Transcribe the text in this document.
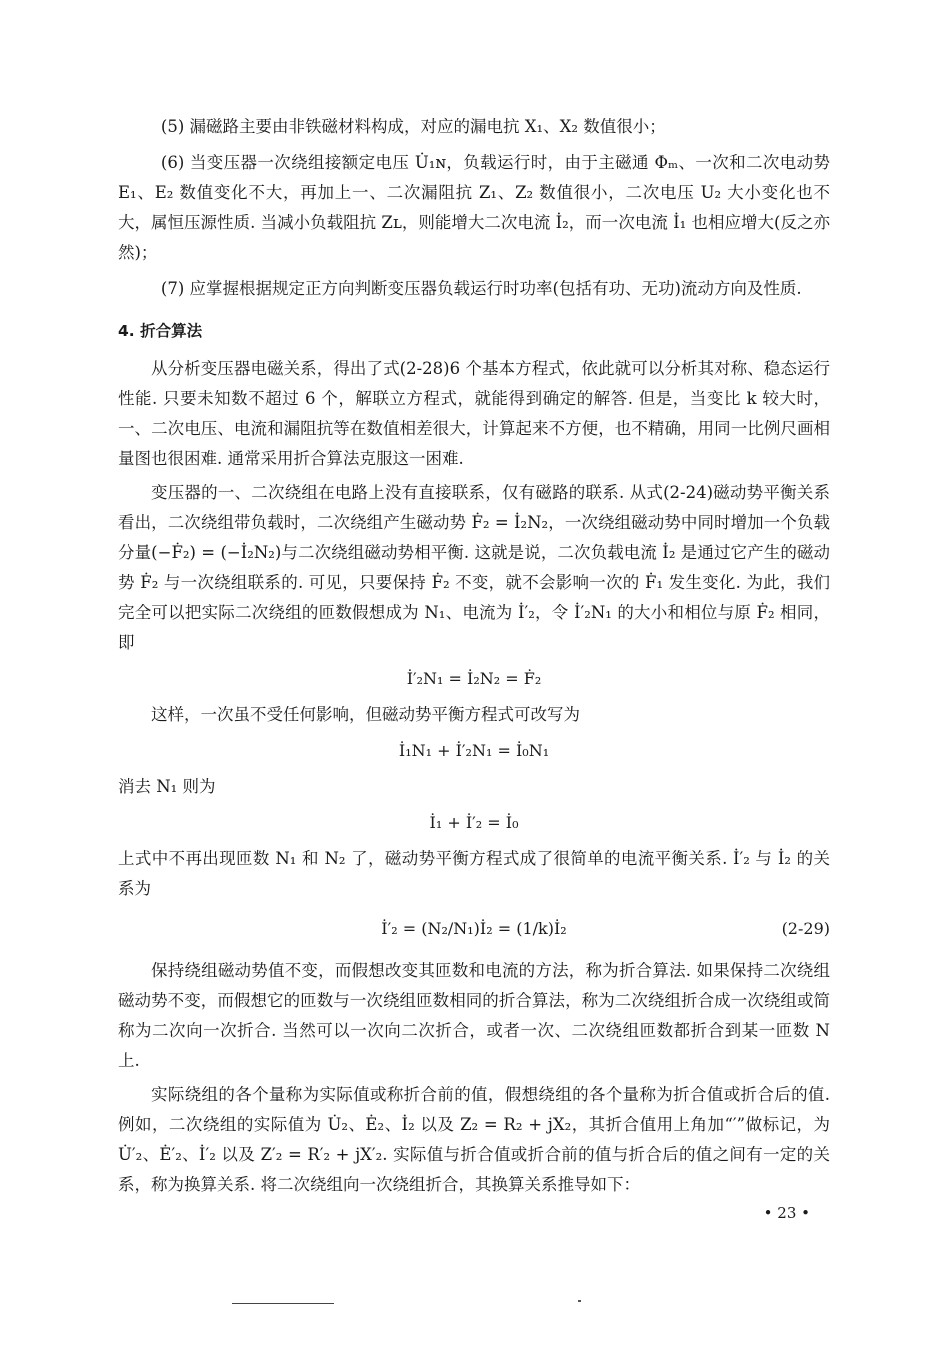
(5) 漏磁路主要由非铁磁材料构成，对应的漏电抗 X₁、X₂ 数值很小；

(6) 当变压器一次绕组接额定电压 U̇₁ɴ，负载运行时，由于主磁通 Φₘ、一次和二次电动势 E₁、E₂ 数值变化不大，再加上一、二次漏阻抗 Z₁、Z₂ 数值很小，二次电压 U₂ 大小变化也不大，属恒压源性质. 当减小负载阻抗 Zʟ，则能增大二次电流 İ₂，而一次电流 İ₁ 也相应增大(反之亦然)；

(7) 应掌握根据规定正方向判断变压器负载运行时功率(包括有功、无功)流动方向及性质.

4. 折合算法

从分析变压器电磁关系，得出了式(2-28)6 个基本方程式，依此就可以分析其对称、稳态运行性能. 只要未知数不超过 6 个，解联立方程式，就能得到确定的解答. 但是，当变比 k 较大时，一、二次电压、电流和漏阻抗等在数值相差很大，计算起来不方便，也不精确，用同一比例尺画相量图也很困难. 通常采用折合算法克服这一困难.

变压器的一、二次绕组在电路上没有直接联系，仅有磁路的联系. 从式(2-24)磁动势平衡关系看出，二次绕组带负载时，二次绕组产生磁动势 Ḟ₂ = İ₂N₂，一次绕组磁动势中同时增加一个负载分量(−Ḟ₂) = (−İ₂N₂)与二次绕组磁动势相平衡. 这就是说，二次负载电流 İ₂ 是通过它产生的磁动势 Ḟ₂ 与一次绕组联系的. 可见，只要保持 Ḟ₂ 不变，就不会影响一次的 Ḟ₁ 发生变化. 为此，我们完全可以把实际二次绕组的匝数假想成为 N₁、电流为 İ′₂，令 İ′₂N₁ 的大小和相位与原 Ḟ₂ 相同，即

İ′₂N₁ = İ₂N₂ = Ḟ₂

这样，一次虽不受任何影响，但磁动势平衡方程式可改写为

İ₁N₁ + İ′₂N₁ = İ₀N₁

消去 N₁ 则为

İ₁ + İ′₂ = İ₀

上式中不再出现匝数 N₁ 和 N₂ 了，磁动势平衡方程式成了很简单的电流平衡关系. İ′₂ 与 İ₂ 的关系为

İ′₂ = (N₂/N₁)İ₂ = (1/k)İ₂	(2-29)

保持绕组磁动势值不变，而假想改变其匝数和电流的方法，称为折合算法. 如果保持二次绕组磁动势不变，而假想它的匝数与一次绕组匝数相同的折合算法，称为二次绕组折合成一次绕组或简称为二次向一次折合. 当然可以一次向二次折合，或者一次、二次绕组匝数都折合到某一匝数 N 上.

实际绕组的各个量称为实际值或称折合前的值，假想绕组的各个量称为折合值或折合后的值. 例如，二次绕组的实际值为 U̇₂、Ė₂、İ₂ 以及 Z₂ = R₂ + jX₂，其折合值用上角加“′”做标记，为 U̇′₂、Ė′₂、İ′₂ 以及 Z′₂ = R′₂ + jX′₂. 实际值与折合值或折合前的值与折合后的值之间有一定的关系，称为换算关系. 将二次绕组向一次绕组折合，其换算关系推导如下：

• 23 •
